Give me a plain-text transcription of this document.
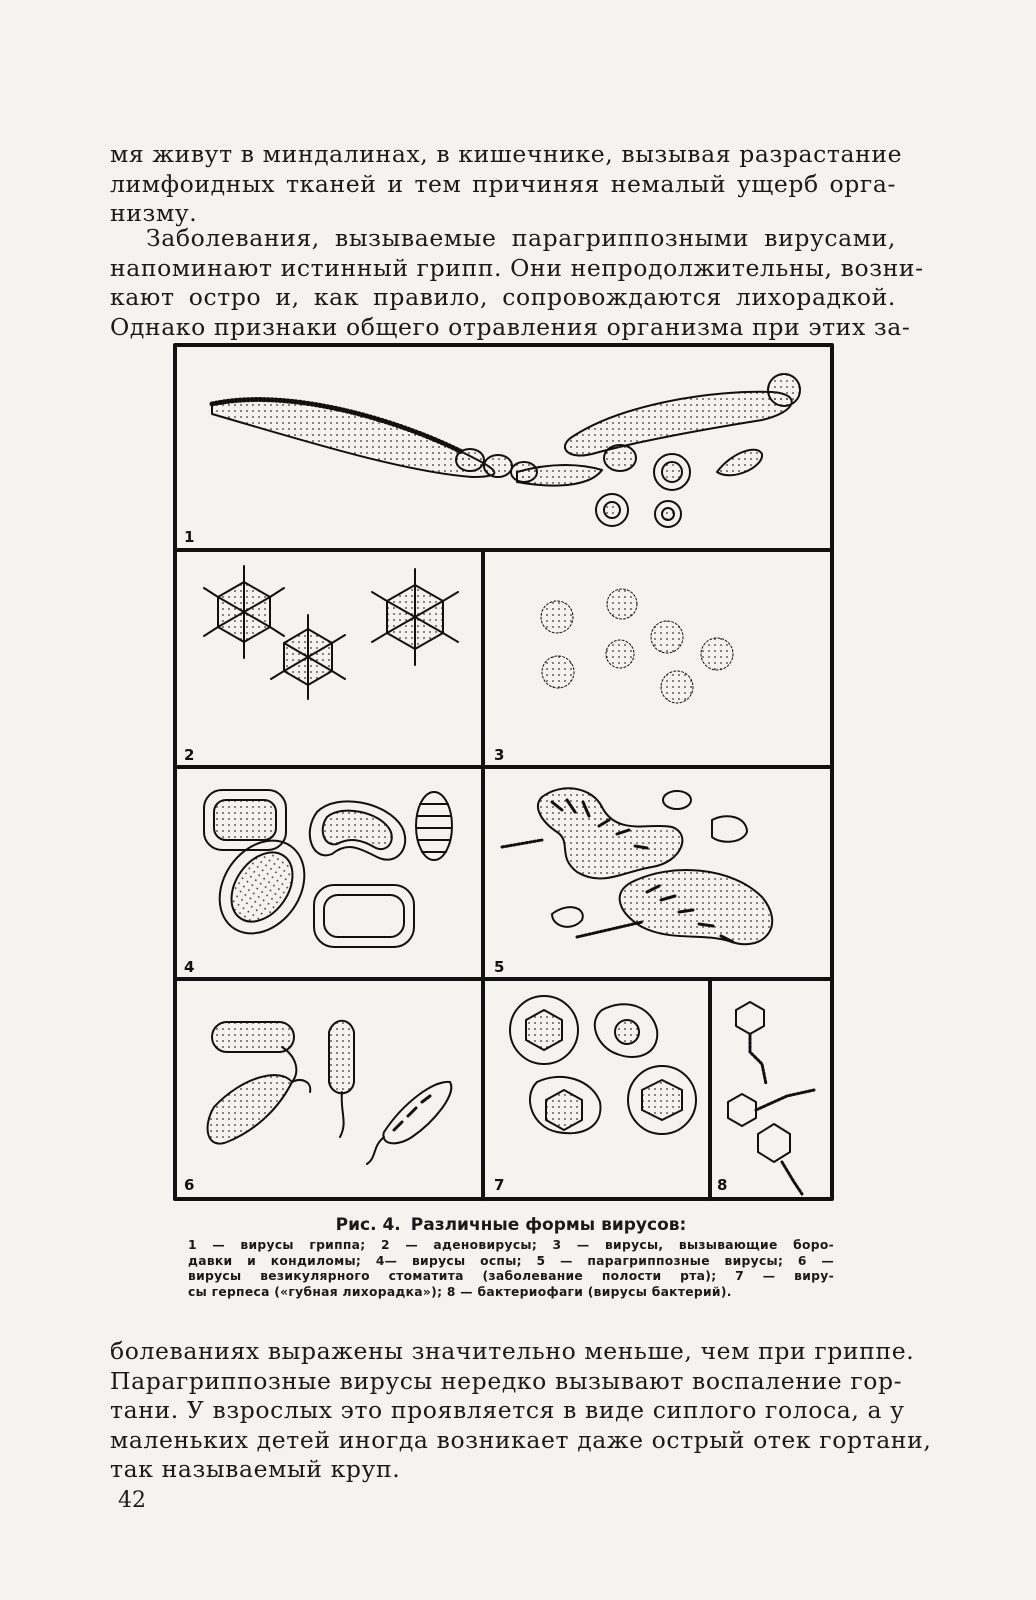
мя живут в миндалинах, в кишечнике, вызывая разрастание
лимфоидных тканей и тем причиняя немалый ущерб орга-
низму.
Заболевания, вызываемые парагриппозными вирусами,
напоминают истинный грипп. Они непродолжительны, возни-
кают остро и, как правило, сопровождаются лихорадкой.
Однако признаки общего отравления организма при этих за-
1
2	3
4	5
6	7	8
Рис. 4. Различные формы вирусов:
1 — вирусы гриппа; 2 — аденовирусы; 3 — вирусы, вызывающие боро-
давки и кондиломы; 4— вирусы оспы; 5 — парагриппозные вирусы; 6 —
вирусы везикулярного стоматита (заболевание полости рта); 7 — виру-
сы герпеса («губная лихорадка»); 8 — бактериофаги (вирусы бактерий).
болеваниях выражены значительно меньше, чем при гриппе.
Парагриппозные вирусы нередко вызывают воспаление гор-
тани. У взрослых это проявляется в виде сиплого голоса, а у
маленьких детей иногда возникает даже острый отек гортани,
так называемый круп.
42
